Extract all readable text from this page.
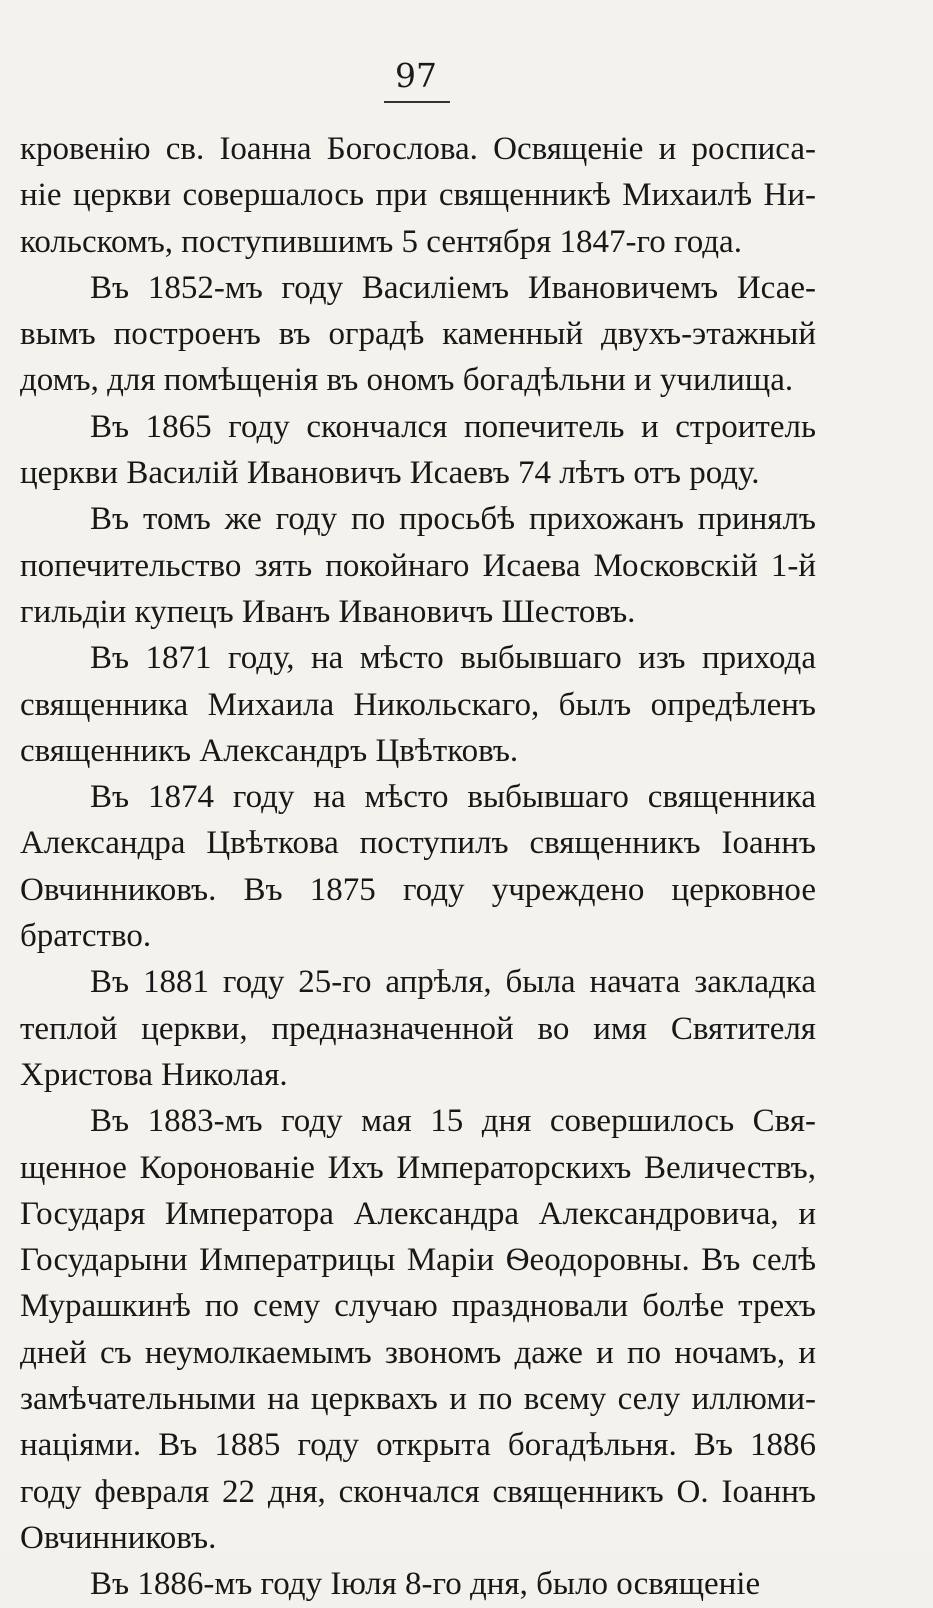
97
кровенію св. Іоанна Богослова. Освященіе и росписа-
ніе церкви совершалось при священникѣ Михаилѣ Ни-
кольскомъ, поступившимъ 5 сентября 1847-го года.
Въ 1852-мъ году Василіемъ Ивановичемъ Исае-
вымъ построенъ въ оградѣ каменный двухъ-этажный
домъ, для помѣщенія въ ономъ богадѣльни и училища.
Въ 1865 году скончался попечитель и строитель
церкви Василій Ивановичъ Исаевъ 74 лѣтъ отъ роду.
Въ томъ же году по просьбѣ прихожанъ принялъ
попечительство зять покойнаго Исаева Московскій 1-й
гильдіи купецъ Иванъ Ивановичъ Шестовъ.
Въ 1871 году, на мѣсто выбывшаго изъ прихода
священника Михаила Никольскаго, былъ опредѣленъ
священникъ Александръ Цвѣтковъ.
Въ 1874 году на мѣсто выбывшаго священника
Александра Цвѣткова поступилъ священникъ Іоаннъ
Овчинниковъ. Въ 1875 году учреждено церковное
братство.
Въ 1881 году 25-го апрѣля, была начата закладка
теплой церкви, предназначенной во имя Святителя
Христова Николая.
Въ 1883-мъ году мая 15 дня совершилось Свя-
щенное Коронованіе Ихъ Императорскихъ Величествъ,
Государя Императора Александра Александровича, и
Государыни Императрицы Маріи Ѳеодоровны. Въ селѣ
Мурашкинѣ по сему случаю праздновали болѣе трехъ
дней съ неумолкаемымъ звономъ даже и по ночамъ, и
замѣчательными на церквахъ и по всему селу иллюми-
націями. Въ 1885 году открыта богадѣльня. Въ 1886
году февраля 22 дня, скончался священникъ О. Іоаннъ
Овчинниковъ.
Въ 1886-мъ году Іюля 8-го дня, было освященіе
